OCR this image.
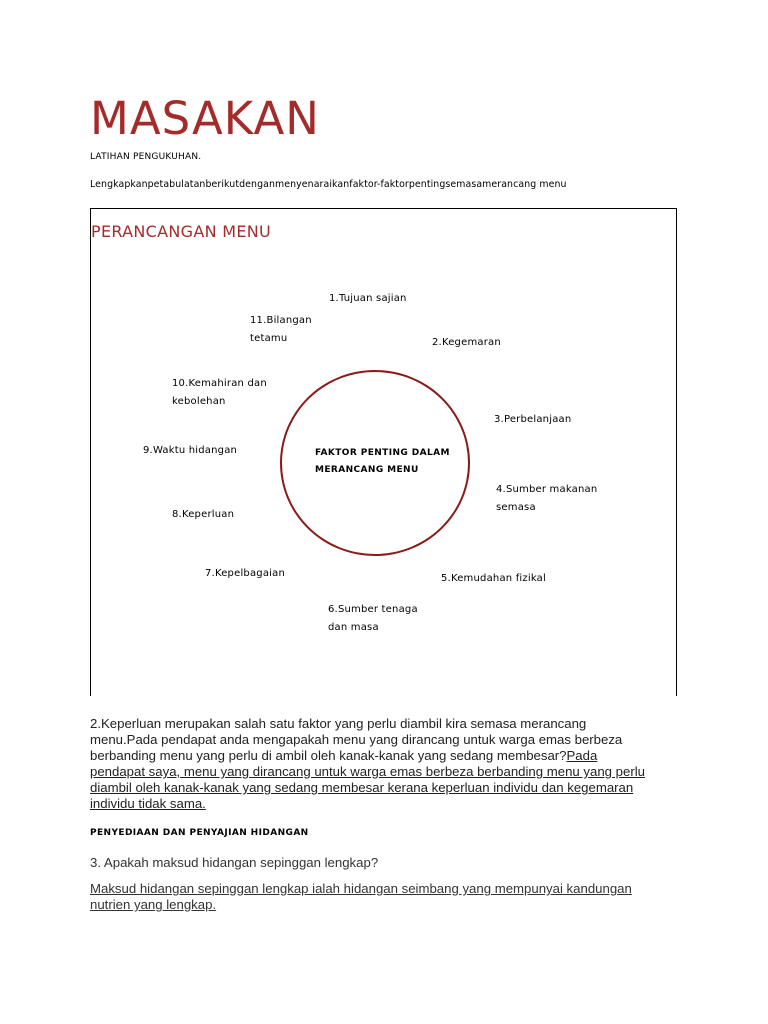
MASAKAN
LATIHAN PENGUKUHAN.
Lengkapkanpetabulatanberikutdenganmenyenaraikanfaktor-faktorpentingsemasamerancang menu
PERANCANGAN MENU
FAKTOR PENTING DALAM MERANCANG MENU
1.Tujuan sajian
2.Kegemaran
3.Perbelanjaan
4.Sumber makanan semasa
5.Kemudahan fizikal
6.Sumber tenaga dan masa
7.Kepelbagaian
8.Keperluan
9.Waktu hidangan
10.Kemahiran dan kebolehan
11.Bilangan tetamu
2.Keperluan merupakan salah satu faktor yang perlu diambil kira semasa merancang menu.Pada pendapat anda mengapakah menu yang dirancang untuk warga emas berbeza berbanding menu yang perlu di ambil oleh kanak-kanak yang sedang membesar?Pada pendapat saya, menu yang dirancang untuk warga emas berbeza berbanding menu yang perlu diambil oleh kanak-kanak yang sedang membesar kerana keperluan individu dan kegemaran individu tidak sama.
PENYEDIAAN DAN PENYAJIAN HIDANGAN
3. Apakah maksud hidangan sepinggan lengkap?
Maksud hidangan sepinggan lengkap ialah hidangan seimbang yang mempunyai kandungan nutrien yang lengkap.
